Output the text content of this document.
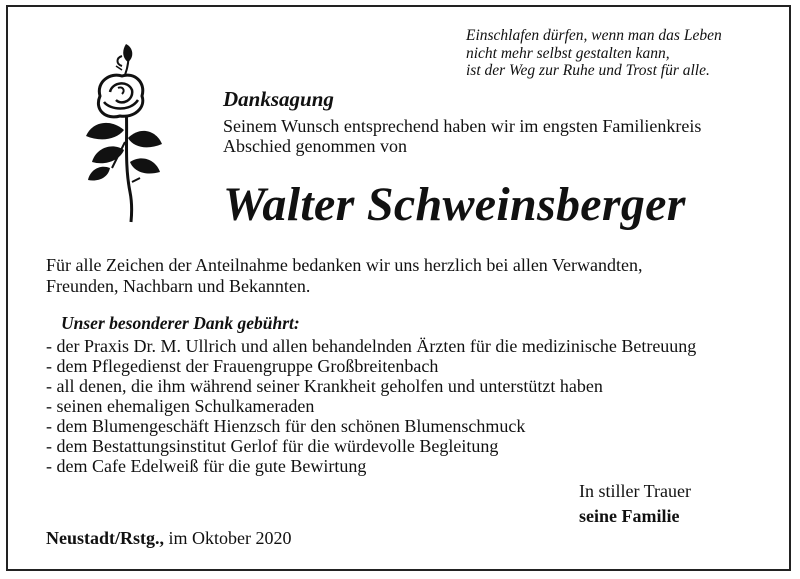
Einschlafen dürfen, wenn man das Leben
nicht mehr selbst gestalten kann,
ist der Weg zur Ruhe und Trost für alle.
Danksagung
Seinem Wunsch entsprechend haben wir im engsten Familienkreis
Abschied genommen von
Walter Schweinsberger
Für alle Zeichen der Anteilnahme bedanken wir uns herzlich bei allen Verwandten,
Freunden, Nachbarn und Bekannten.
Unser besonderer Dank gebührt:
- der Praxis Dr. M. Ullrich und allen behandelnden Ärzten für die medizinische Betreuung
- dem Pflegedienst der Frauengruppe Großbreitenbach
- all denen, die ihm während seiner Krankheit geholfen und unterstützt haben
- seinen ehemaligen Schulkameraden
- dem Blumengeschäft Hienzsch für den schönen Blumenschmuck
- dem Bestattungsinstitut Gerlof für die würdevolle Begleitung
- dem Cafe Edelweiß für die gute Bewirtung
In stiller Trauer
seine Familie
Neustadt/Rstg., im Oktober 2020
